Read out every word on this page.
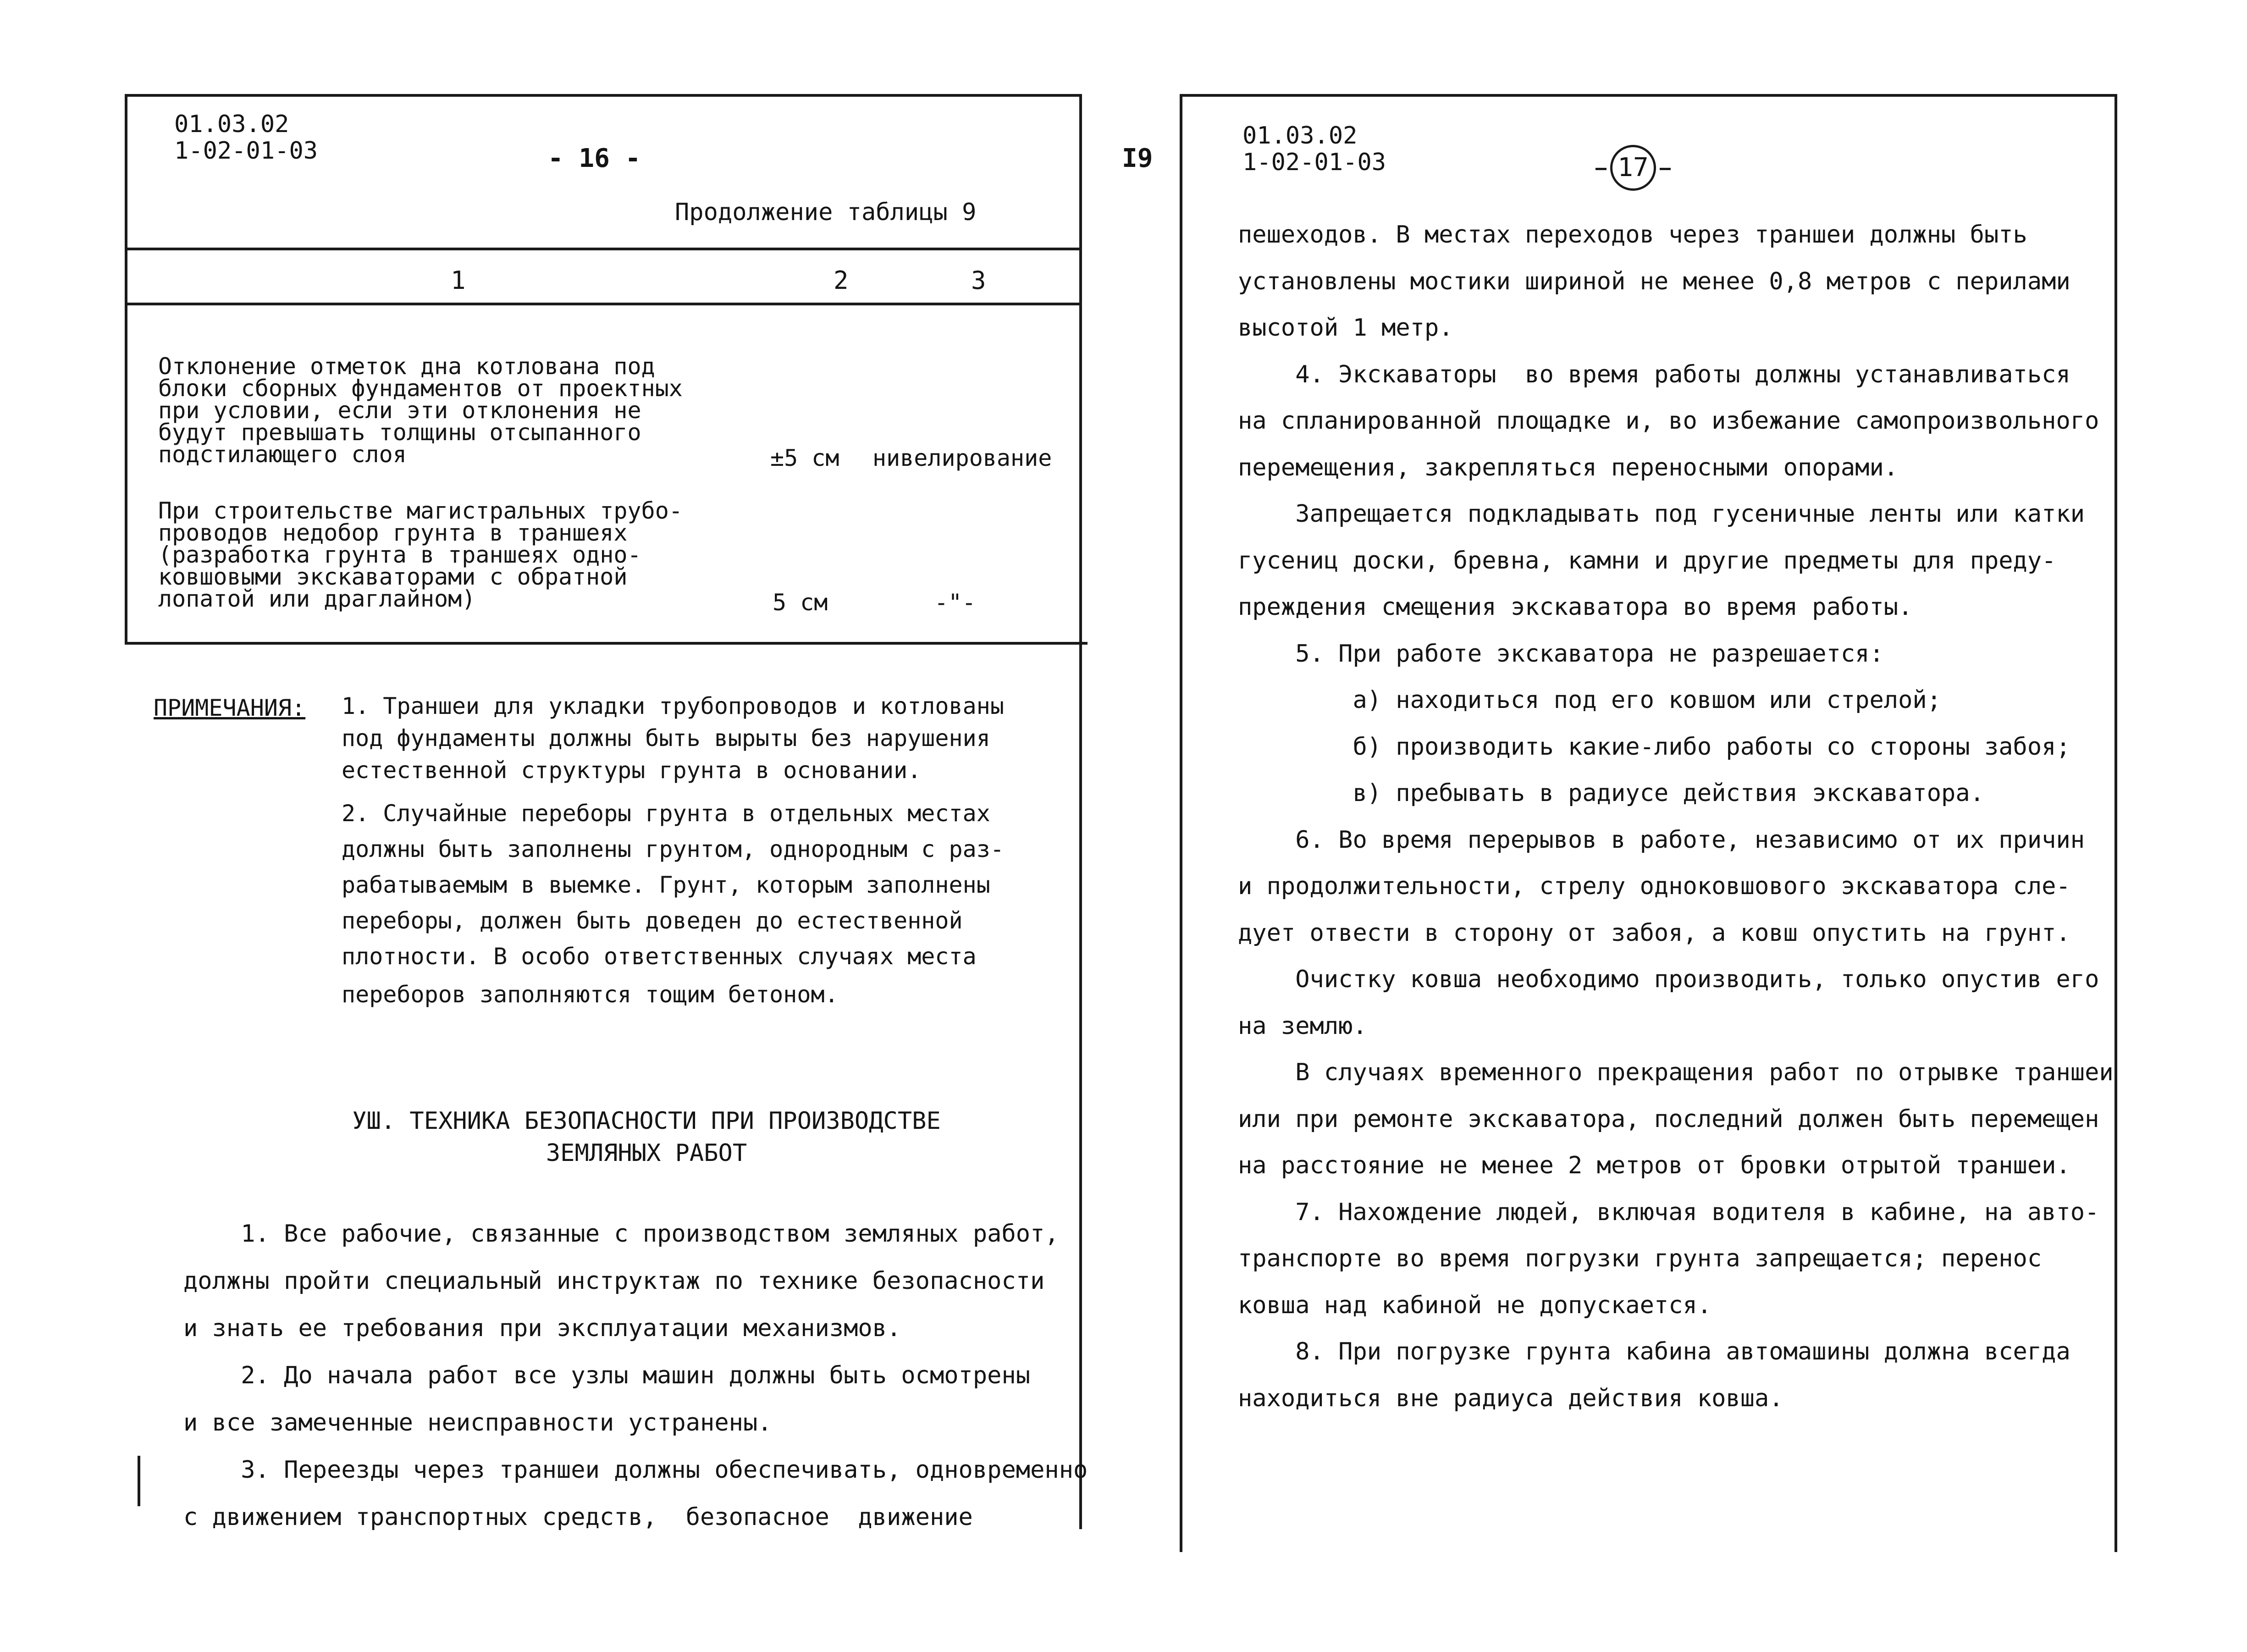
01.03.02
1-02-01-03	- 16 -
Продолжение таблицы 9
1	2	3
Отклонение отметок дна котлована под
блоки сборных фундаментов от проектных
при условии, если эти отклонения не
будут превышать толщины отсыпанного
подстилающего слоя	±5 см нивелирование
При строительстве магистральных трубо-
проводов недобор грунта в траншеях
(разработка грунта в траншеях одно-
ковшовыми экскаваторами с обратной
лопатой или драглайном)	5 см	-"-
ПРИМЕЧАНИЯ: 1. Траншеи для укладки трубопроводов и котлованы
под фундаменты должны быть вырыты без нарушения
естественной структуры грунта в основании.
2. Случайные переборы грунта в отдельных местах
должны быть заполнены грунтом, однородным с раз-
рабатываемым в выемке. Грунт, которым заполнены
переборы, должен быть доведен до естественной
плотности. В особо ответственных случаях места
переборов заполняются тощим бетоном.
УШ. ТЕХНИКА БЕЗОПАСНОСТИ ПРИ ПРОИЗВОДСТВЕ
ЗЕМЛЯНЫХ РАБОТ
1. Все рабочие, связанные с производством земляных работ,
должны пройти специальный инструктаж по технике безопасности
и знать ее требования при эксплуатации механизмов.
2. До начала работ все узлы машин должны быть осмотрены
и все замеченные неисправности устранены.
3. Переезды через траншеи должны обеспечивать, одновременно
с движением транспортных средств,  безопасное  движение
I9
01.03.02
1-02-01-03	17
пешеходов. В местах переходов через траншеи должны быть
установлены мостики шириной не менее 0,8 метров с перилами
высотой 1 метр.
4. Экскаваторы  во время работы должны устанавливаться
на спланированной площадке и, во избежание самопроизвольного
перемещения, закрепляться переносными опорами.
Запрещается подкладывать под гусеничные ленты или катки
гусениц доски, бревна, камни и другие предметы для преду-
преждения смещения экскаватора во время работы.
5. При работе экскаватора не разрешается:
а) находиться под его ковшом или стрелой;
б) производить какие-либо работы со стороны забоя;
в) пребывать в радиусе действия экскаватора.
6. Во время перерывов в работе, независимо от их причин
и продолжительности, стрелу одноковшового экскаватора сле-
дует отвести в сторону от забоя, а ковш опустить на грунт.
Очистку ковша необходимо производить, только опустив его
на землю.
В случаях временного прекращения работ по отрывке траншеи
или при ремонте экскаватора, последний должен быть перемещен
на расстояние не менее 2 метров от бровки отрытой траншеи.
7. Нахождение людей, включая водителя в кабине, на авто-
транспорте во время погрузки грунта запрещается; перенос
ковша над кабиной не допускается.
8. При погрузке грунта кабина автомашины должна всегда
находиться вне радиуса действия ковша.
